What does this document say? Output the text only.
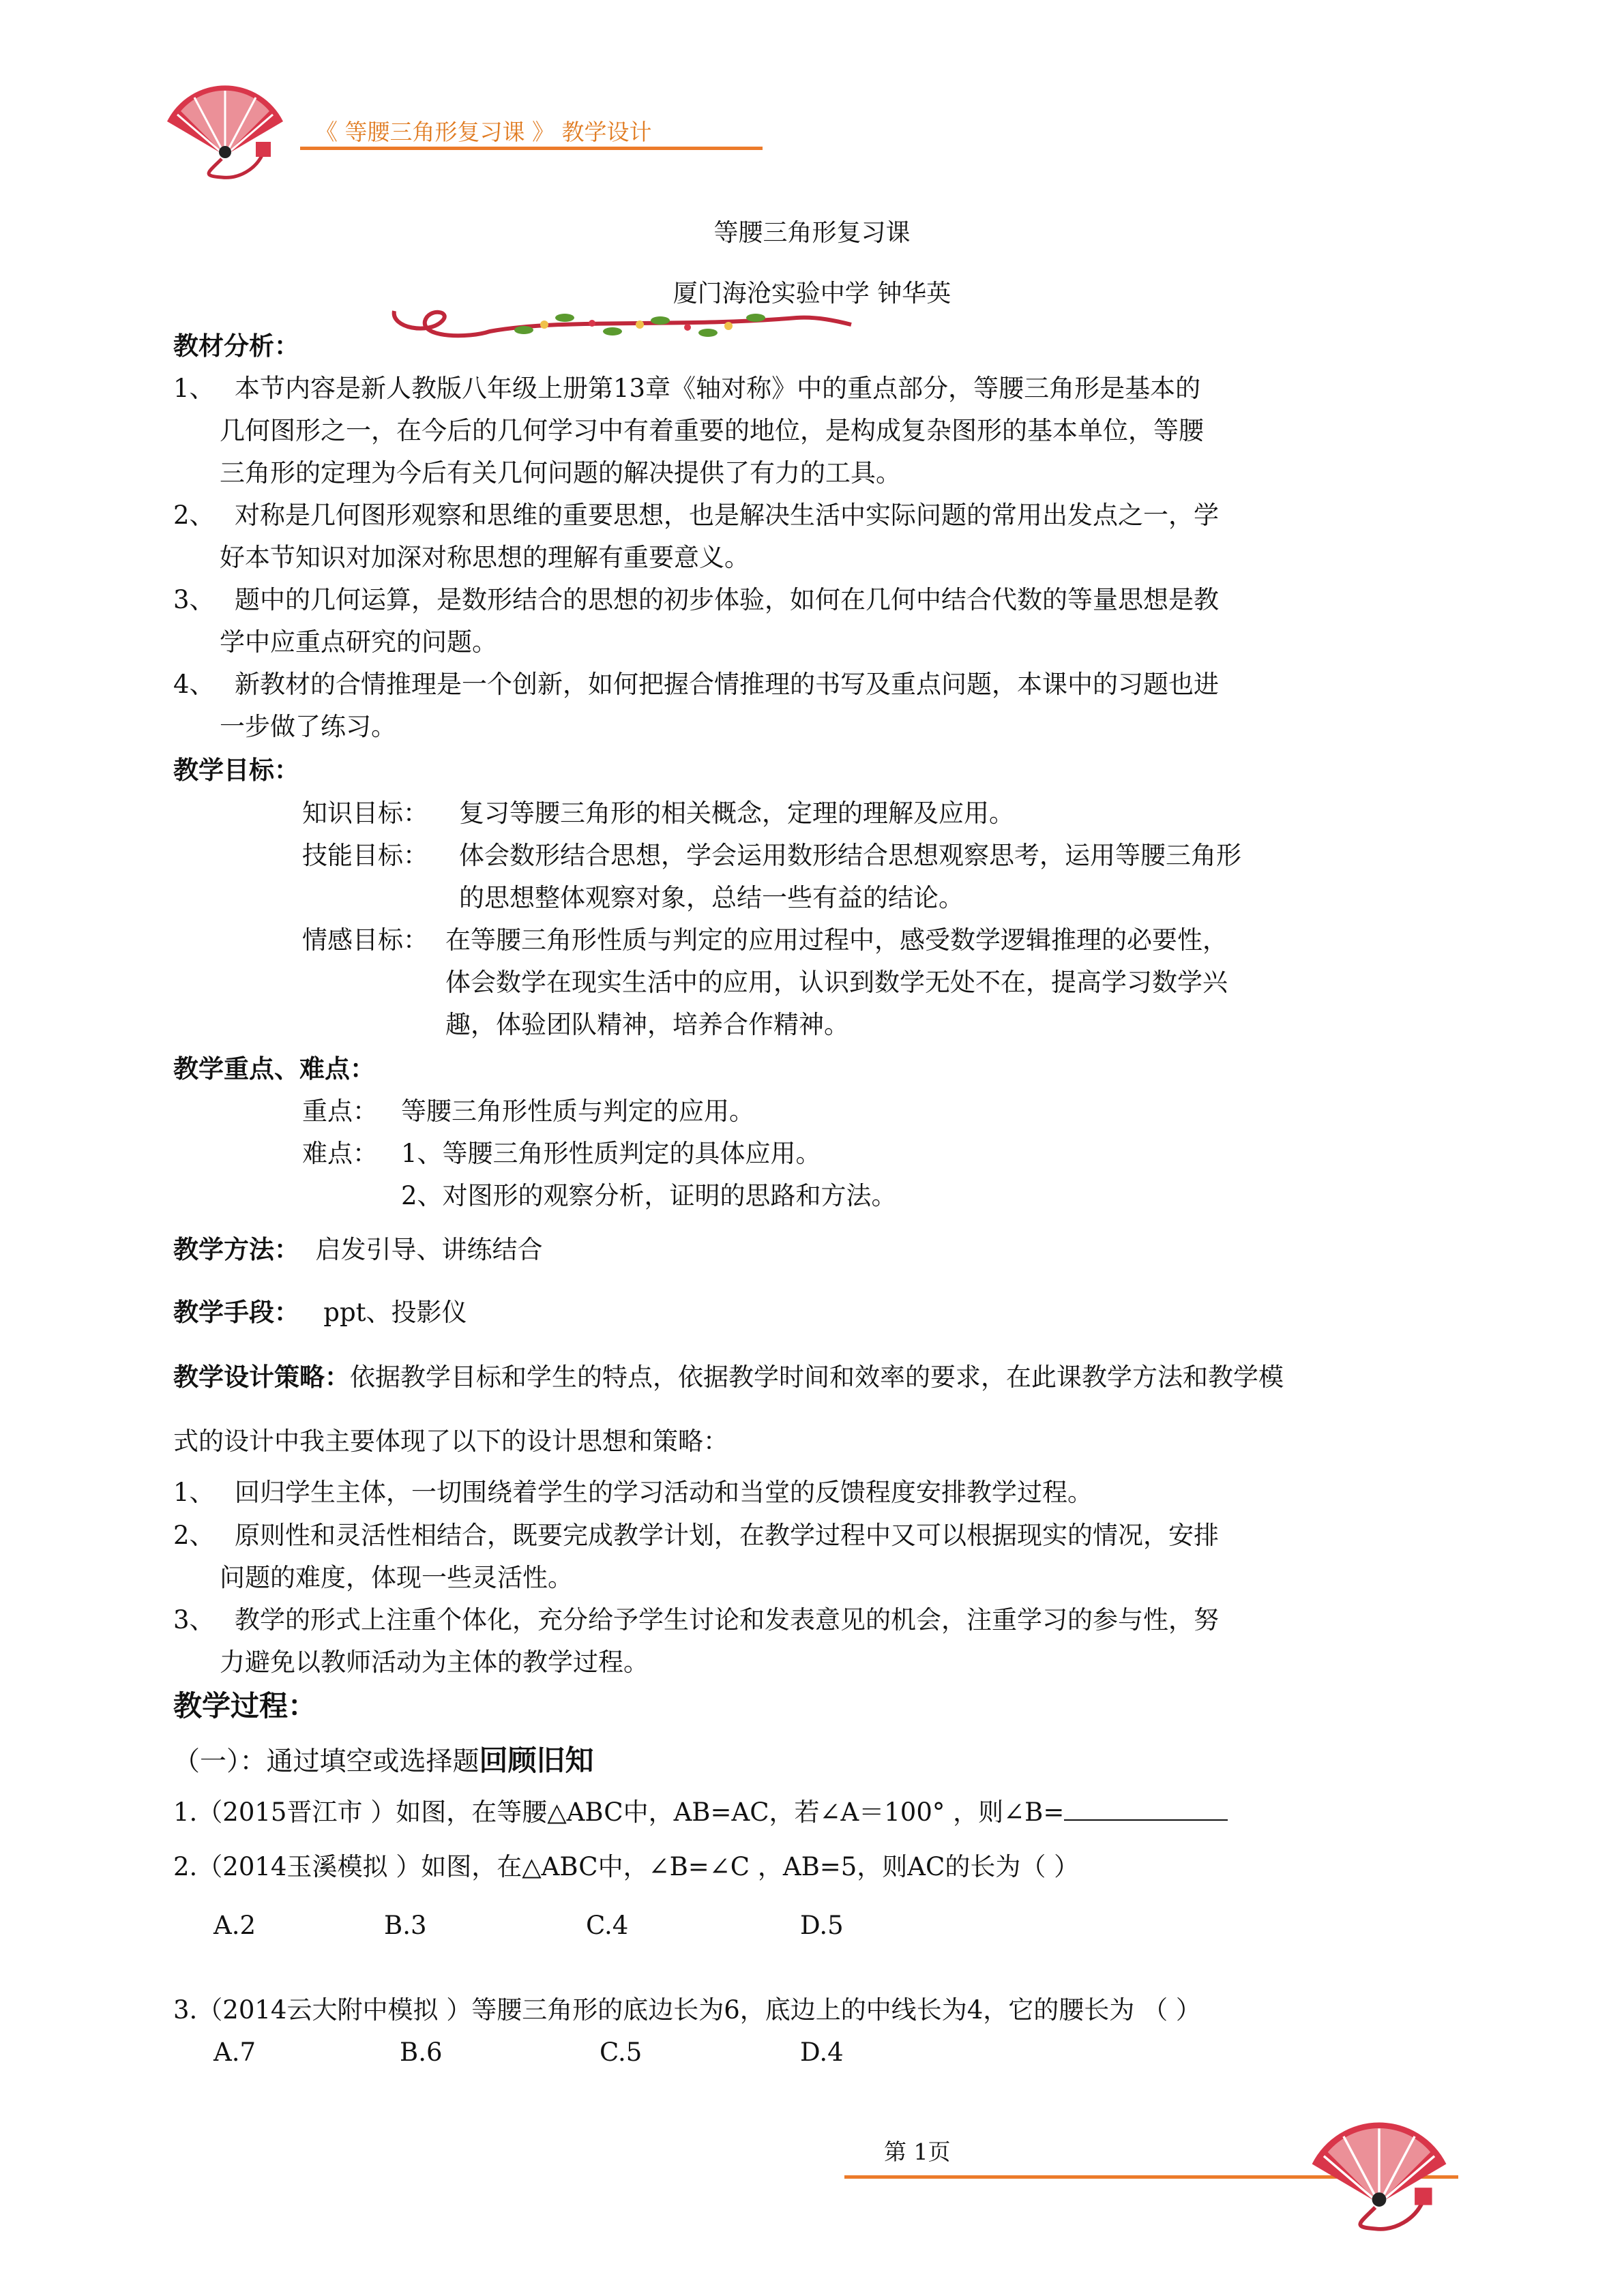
《 等腰三角形复习课 》 教学设计
等腰三角形复习课
厦门海沧实验中学 钟华英
教材分析：
1、 本节内容是新人教版八年级上册第13章《轴对称》中的重点部分，等腰三角形是基本的
几何图形之一，在今后的几何学习中有着重要的地位，是构成复杂图形的基本单位，等腰
三角形的定理为今后有关几何问题的解决提供了有力的工具。
2、 对称是几何图形观察和思维的重要思想，也是解决生活中实际问题的常用出发点之一，学
好本节知识对加深对称思想的理解有重要意义。
3、 题中的几何运算，是数形结合的思想的初步体验，如何在几何中结合代数的等量思想是教
学中应重点研究的问题。
4、 新教材的合情推理是一个创新，如何把握合情推理的书写及重点问题，本课中的习题也进
一步做了练习。
教学目标：
知识目标： 复习等腰三角形的相关概念，定理的理解及应用。
技能目标： 体会数形结合思想，学会运用数形结合思想观察思考，运用等腰三角形
的思想整体观察对象，总结一些有益的结论。
情感目标： 在等腰三角形性质与判定的应用过程中，感受数学逻辑推理的必要性，
体会数学在现实生活中的应用，认识到数学无处不在，提高学习数学兴
趣，体验团队精神，培养合作精神。
教学重点、难点：
重点： 等腰三角形性质与判定的应用。
难点： 1、等腰三角形性质判定的具体应用。
2、对图形的观察分析，证明的思路和方法。
教学方法： 启发引导、讲练结合
教学手段： ppt、投影仪
教学设计策略：依据教学目标和学生的特点，依据教学时间和效率的要求，在此课教学方法和教学模
式的设计中我主要体现了以下的设计思想和策略：
1、 回归学生主体，一切围绕着学生的学习活动和当堂的反馈程度安排教学过程。
2、 原则性和灵活性相结合，既要完成教学计划，在教学过程中又可以根据现实的情况，安排
问题的难度，体现一些灵活性。
3、 教学的形式上注重个体化，充分给予学生讨论和发表意见的机会，注重学习的参与性，努
力避免以教师活动为主体的教学过程。
教学过程：
（一）：通过填空或选择题回顾旧知
1.（2015晋江市 ）如图，在等腰△ABC中，AB=AC，若∠A＝100° ，则∠B=
2.（2014玉溪模拟 ）如图，在△ABC中，∠B=∠C ，AB=5，则AC的长为（ ）
A.2	B.3	C.4	D.5
3.（2014云大附中模拟 ）等腰三角形的底边长为6，底边上的中线长为4，它的腰长为 （ ）
A.7	B.6	C.5	D.4
第 1页
